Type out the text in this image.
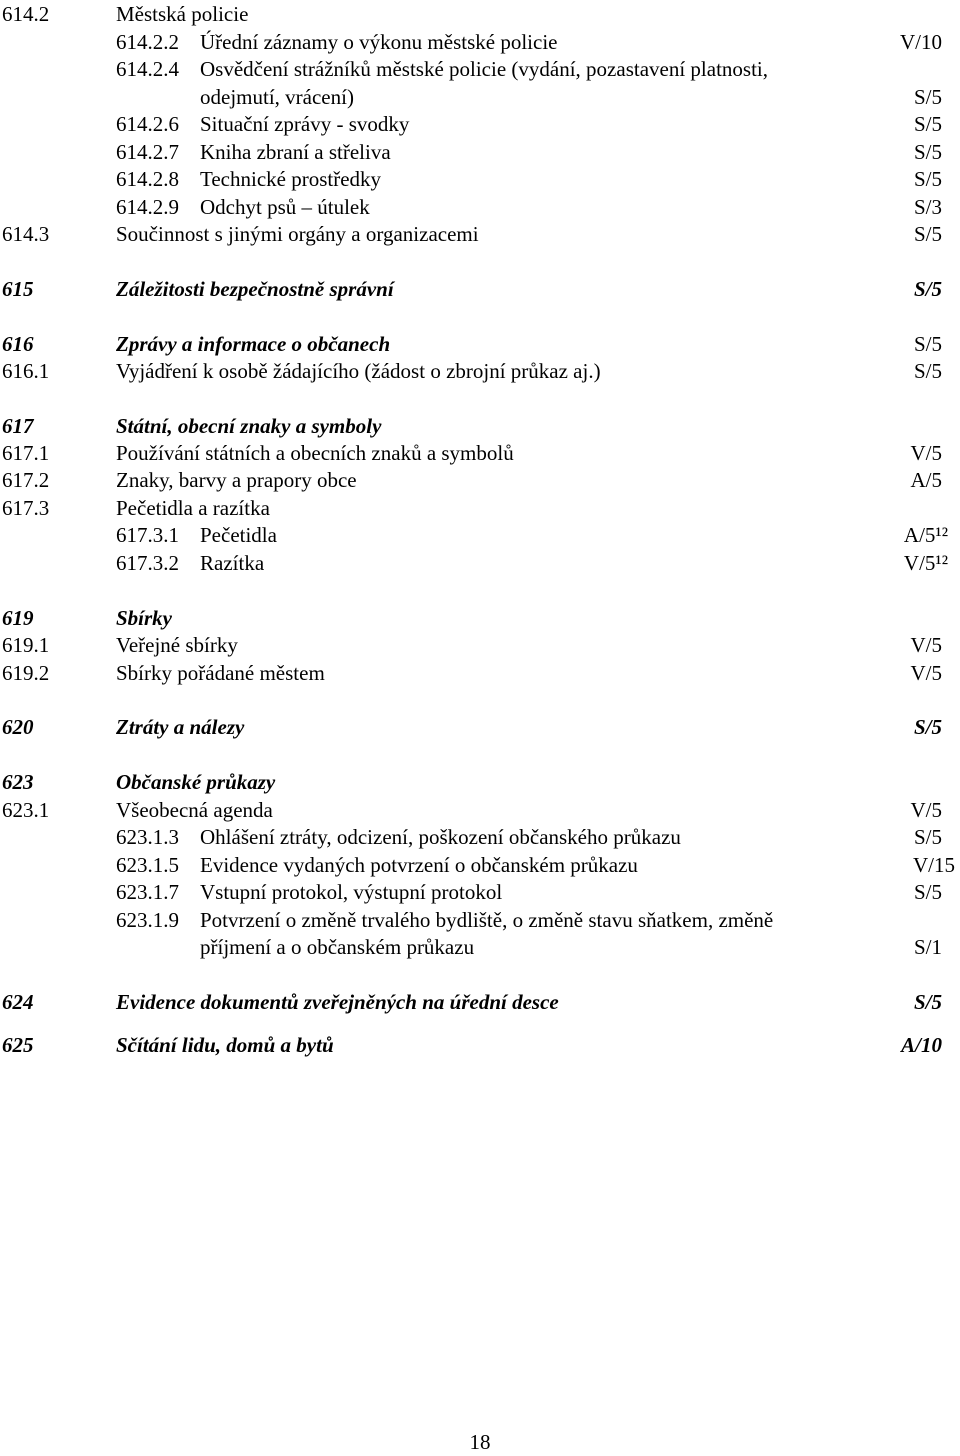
614.2	Městská policie
614.2.2 Úřední záznamy o výkonu městské policie	V/10
614.2.4 Osvědčení strážníků městské policie (vydání, pozastavení platnosti,
odejmutí, vrácení)	S/5
614.2.6 Situační zprávy - svodky	S/5
614.2.7 Kniha zbraní a střeliva	S/5
614.2.8 Technické prostředky	S/5
614.2.9 Odchyt psů – útulek	S/3
614.3	Součinnost s jinými orgány a organizacemi	S/5
615	Záležitosti bezpečnostně správní	S/5
616	Zprávy a informace o občanech	S/5
616.1	Vyjádření k osobě žádajícího (žádost o zbrojní průkaz aj.)	S/5
617	Státní, obecní znaky a symboly
617.1	Používání státních a obecních znaků a symbolů	V/5
617.2	Znaky, barvy a prapory obce	A/5
617.3	Pečetidla a razítka
617.3.1 Pečetidla	A/5¹²
617.3.2 Razítka	V/5¹²
619	Sbírky
619.1	Veřejné sbírky	V/5
619.2	Sbírky pořádané městem	V/5
620	Ztráty a nálezy	S/5
623	Občanské průkazy
623.1	Všeobecná agenda	V/5
623.1.3 Ohlášení ztráty, odcizení, poškození občanského průkazu	S/5
623.1.5 Evidence vydaných potvrzení o občanském průkazu	V/15
623.1.7 Vstupní protokol, výstupní protokol	S/5
623.1.9 Potvrzení o změně trvalého bydliště, o změně stavu sňatkem, změně
příjmení a o občanském průkazu	S/1
624	Evidence dokumentů zveřejněných na úřední desce	S/5
625	Sčítání lidu, domů a bytů	A/10
18
